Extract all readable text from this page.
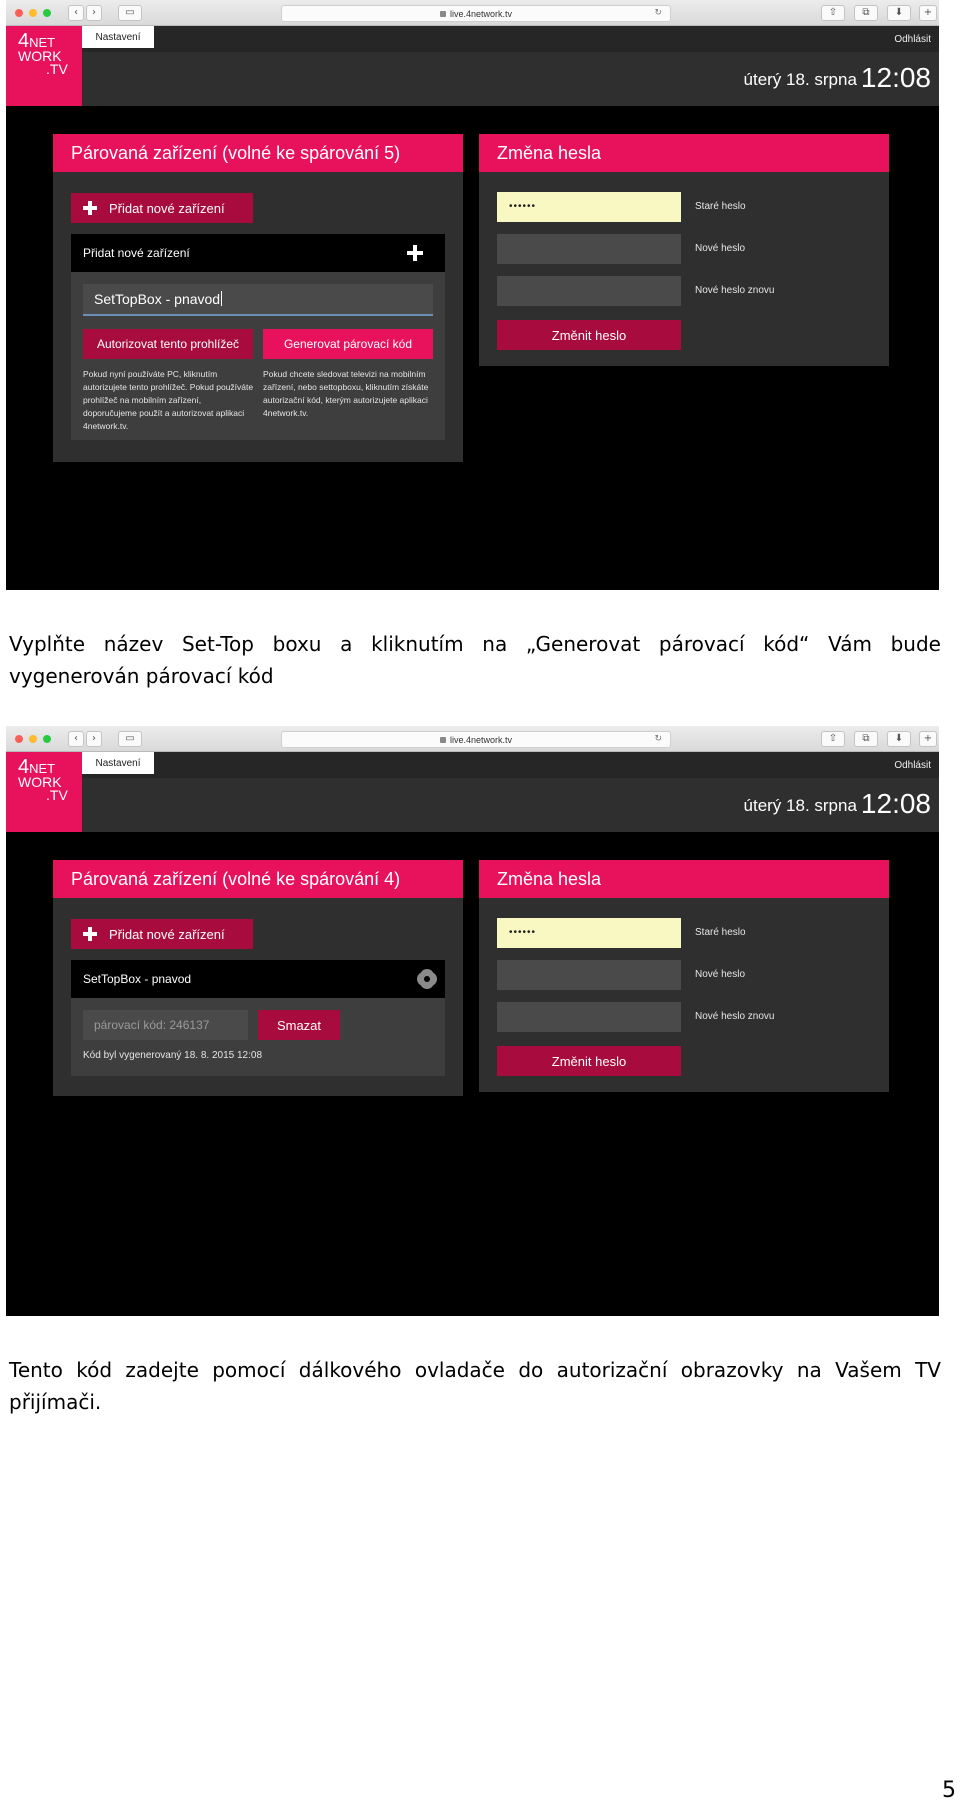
‹	›	▭	live.4network.tv	↻	⇧	⧉	⬇	+
4NET
WORK
.TV
Nastavení	Odhlásit
úterý 18. srpna 12:08
Párovaná zařízení (volné ke spárování 5)
Přidat nové zařízení
Přidat nové zařízení
SetTopBox - pnavod
Autorizovat tento prohlížeč	Generovat párovací kód
Pokud nyní používáte PC, kliknutím autorizujete tento prohlížeč. Pokud používáte prohlížeč na mobilním zařízení, doporučujeme použít a autorizovat aplikaci 4network.tv.
Pokud chcete sledovat televizi na mobilním zařízení, nebo settopboxu, kliknutím získáte autorizační kód, kterým autorizujete aplikaci 4network.tv.
Změna hesla
••••••	Staré heslo
Nové heslo
Nové heslo znovu
Změnit heslo
Vyplňte název Set-Top boxu a kliknutím na „Generovat párovací kód“ Vám bude vygenerován párovací kód
‹	›	▭	live.4network.tv	↻	⇧	⧉	⬇	+
4NET
WORK
.TV
Nastavení	Odhlásit
úterý 18. srpna 12:08
Párovaná zařízení (volné ke spárování 4)
Přidat nové zařízení
SetTopBox - pnavod
párovací kód: 246137	Smazat
Kód byl vygenerovaný 18. 8. 2015 12:08
Změna hesla
••••••	Staré heslo
Nové heslo
Nové heslo znovu
Změnit heslo
Tento kód zadejte pomocí dálkového ovladače do autorizační obrazovky na Vašem TV přijímači.
5
